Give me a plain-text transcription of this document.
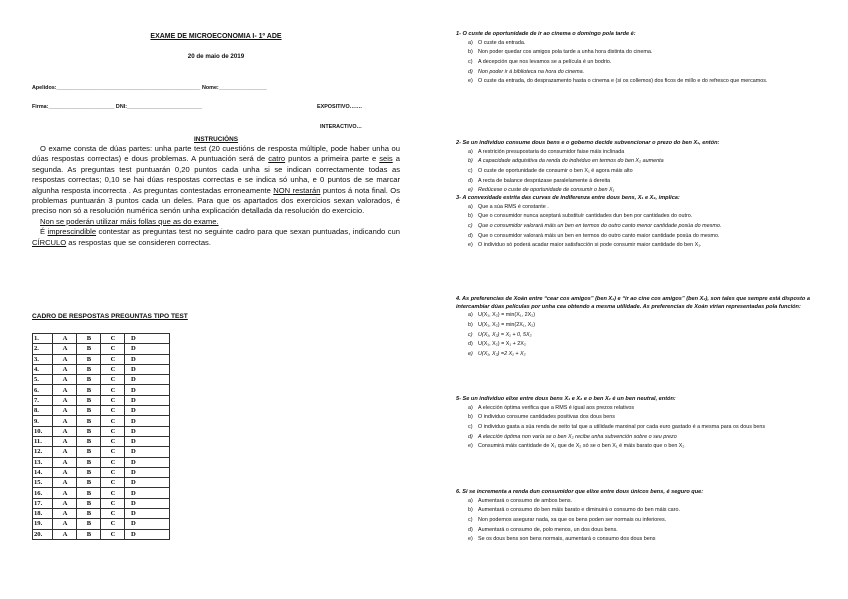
EXAME DE MICROECONOMIA I- 1º ADE
20 de maio de 2019
Apelidos:________________________________________________ Nome:________________
Firma:______________________ DNI:_________________________	EXPOSITIVO…….
INTERACTIVO…
INSTRUCIÓNS

O exame consta de dúas partes: unha parte test (20 cuestións de resposta múltiple, pode haber unha ou dúas respostas correctas) e dous problemas. A puntuación será de catro puntos a primeira parte e seis a segunda. As preguntas test puntuarán 0,20 puntos cada unha si se indican correctamente todas as respostas correctas; 0,10 se hai dúas respostas correctas e se indica só unha, e 0 puntos de se marcar algunha resposta incorrecta . As preguntas contestadas erroneamente NON restarán puntos á nota final. Os problemas puntuarán 3 puntos cada un deles. Para que os apartados dos exercicios sexan valorados, é preciso non só a resolución numérica senón unha explicación detallada da resolución do exercicio.

Non se poderán utilizar máis follas que as do exame.

É imprescindible contestar as preguntas test no seguinte cadro para que sexan puntuadas, indicando cun CÍRCULO as respostas que se consideren correctas.

CADRO DE RESPOSTAS PREGUNTAS TIPO TEST
1.	A	B	C	D
2.	A	B	C	D
3.	A	B	C	D
4.	A	B	C	D
5.	A	B	C	D
6.	A	B	C	D
7.	A	B	C	D
8.	A	B	C	D
9.	A	B	C	D
10.	A	B	C	D
11.	A	B	C	D
12.	A	B	C	D
13.	A	B	C	D
14.	A	B	C	D
15.	A	B	C	D
16.	A	B	C	D
17.	A	B	C	D
18.	A	B	C	D
19.	A	B	C	D
20.	A	B	C	D
1- O custe de oportunidade de ir ao cinema o domingo pola tarde é:
a) O custe da entrada.
b) Non poder quedar cos amigos pola tarde a unha hora distinta do cinema.
c) A decepción que nos levamos se a película é un bodrio.
d) Non poder ir á biblioteca na hora do cinema.
e) O custe da entrada, do desprazamento hasta o cinema e (si os collemos) dos ficos de millo e do refresco que mercamos.
2- Se un individuo consume dous bens e o goberno decide subvencionar o prezo do ben X₁, entón:
a) A restrición presupostaria do consumidor faise máis inclinada
b) A capacidade adquisitiva da renda do individuo en termos do ben X₂ aumenta
c) O custe de oportunidade de consumir o ben X₁ é agora máis alto
d) A recta de balance desprázase paralelamente á dereita
e) Redúcese o custe de oportunidade de consumir o ben X₁
3- A convexidade estrita das curvas de indiferenza entre dous bens, X₁ e X₂, implica:
a) Que a súa RMS é constante .
b) Que o consumidor nunca aceptará substituír cantidades dun ben por cantidades do outro.
c) Que o consumidor valorará máis un ben en termos do outro canto menor cantidade posúa do mesmo.
d) Que o consumidor valorará máis un ben en termos do outro canto maior cantidade posúa do mesmo.
e) O individuo só poderá acadar maior satisfacción si pode consumir maior cantidade do ben X₁.
4. As preferencias de Xoán entre “cear cos amigos” (ben X₁) e “ir ao cine cos amigos” (ben X₂), son tales que sempre está disposto a intercambiar dúas películas por unha cea obtendo a mesma utilidade. As preferencias de Xoán virían representadas pola función:
a) U(X₁, X₂) = min(X₁, 2X₂)
b) U(X₁, X₂) = min(2X₁, X₂)
c) U(X₁, X₂) = X₁ + 0, 5X₂
d) U(X₁, X₂) = X₁ + 2X₂
e) U(X₁, X₂) =2 X₁ + X₂
5- Se un individuo elixe entre dous bens X₁ e X₂ e o ben X₂ é un ben neutral, entón:
a) A elección óptima verifica que a RMS é igual aos prezos relativos
b) O individuo consume cantidades positivas dos dous bens
c) O individuo gasta a súa renda de xeito tal que a utilidade marxinal por cada euro gastado é a mesma para os dous bens
d) A elección óptima non varía se o ben X₂ recibe unha subvención sobre o seu prezo
e) Consumirá máis cantidade de X₁ que de X₂ só se o ben X₁ é máis barato que o ben X₂
6. Si se incrementa a renda dun consumidor que elixe entre dous únicos bens, é seguro que:
a) Aumentará o consumo de ambos bens.
b) Aumentará o consumo do ben máis barato e diminuirá o consumo do ben máis caro.
c) Non podemos asegurar nada, xa que os bens poden ser normais ou inferiores.
d) Aumentará o consumo de, polo menos, un dos dous bens.
e) Se os dous bens son bens normais, aumentará o consumo dos dous bens
